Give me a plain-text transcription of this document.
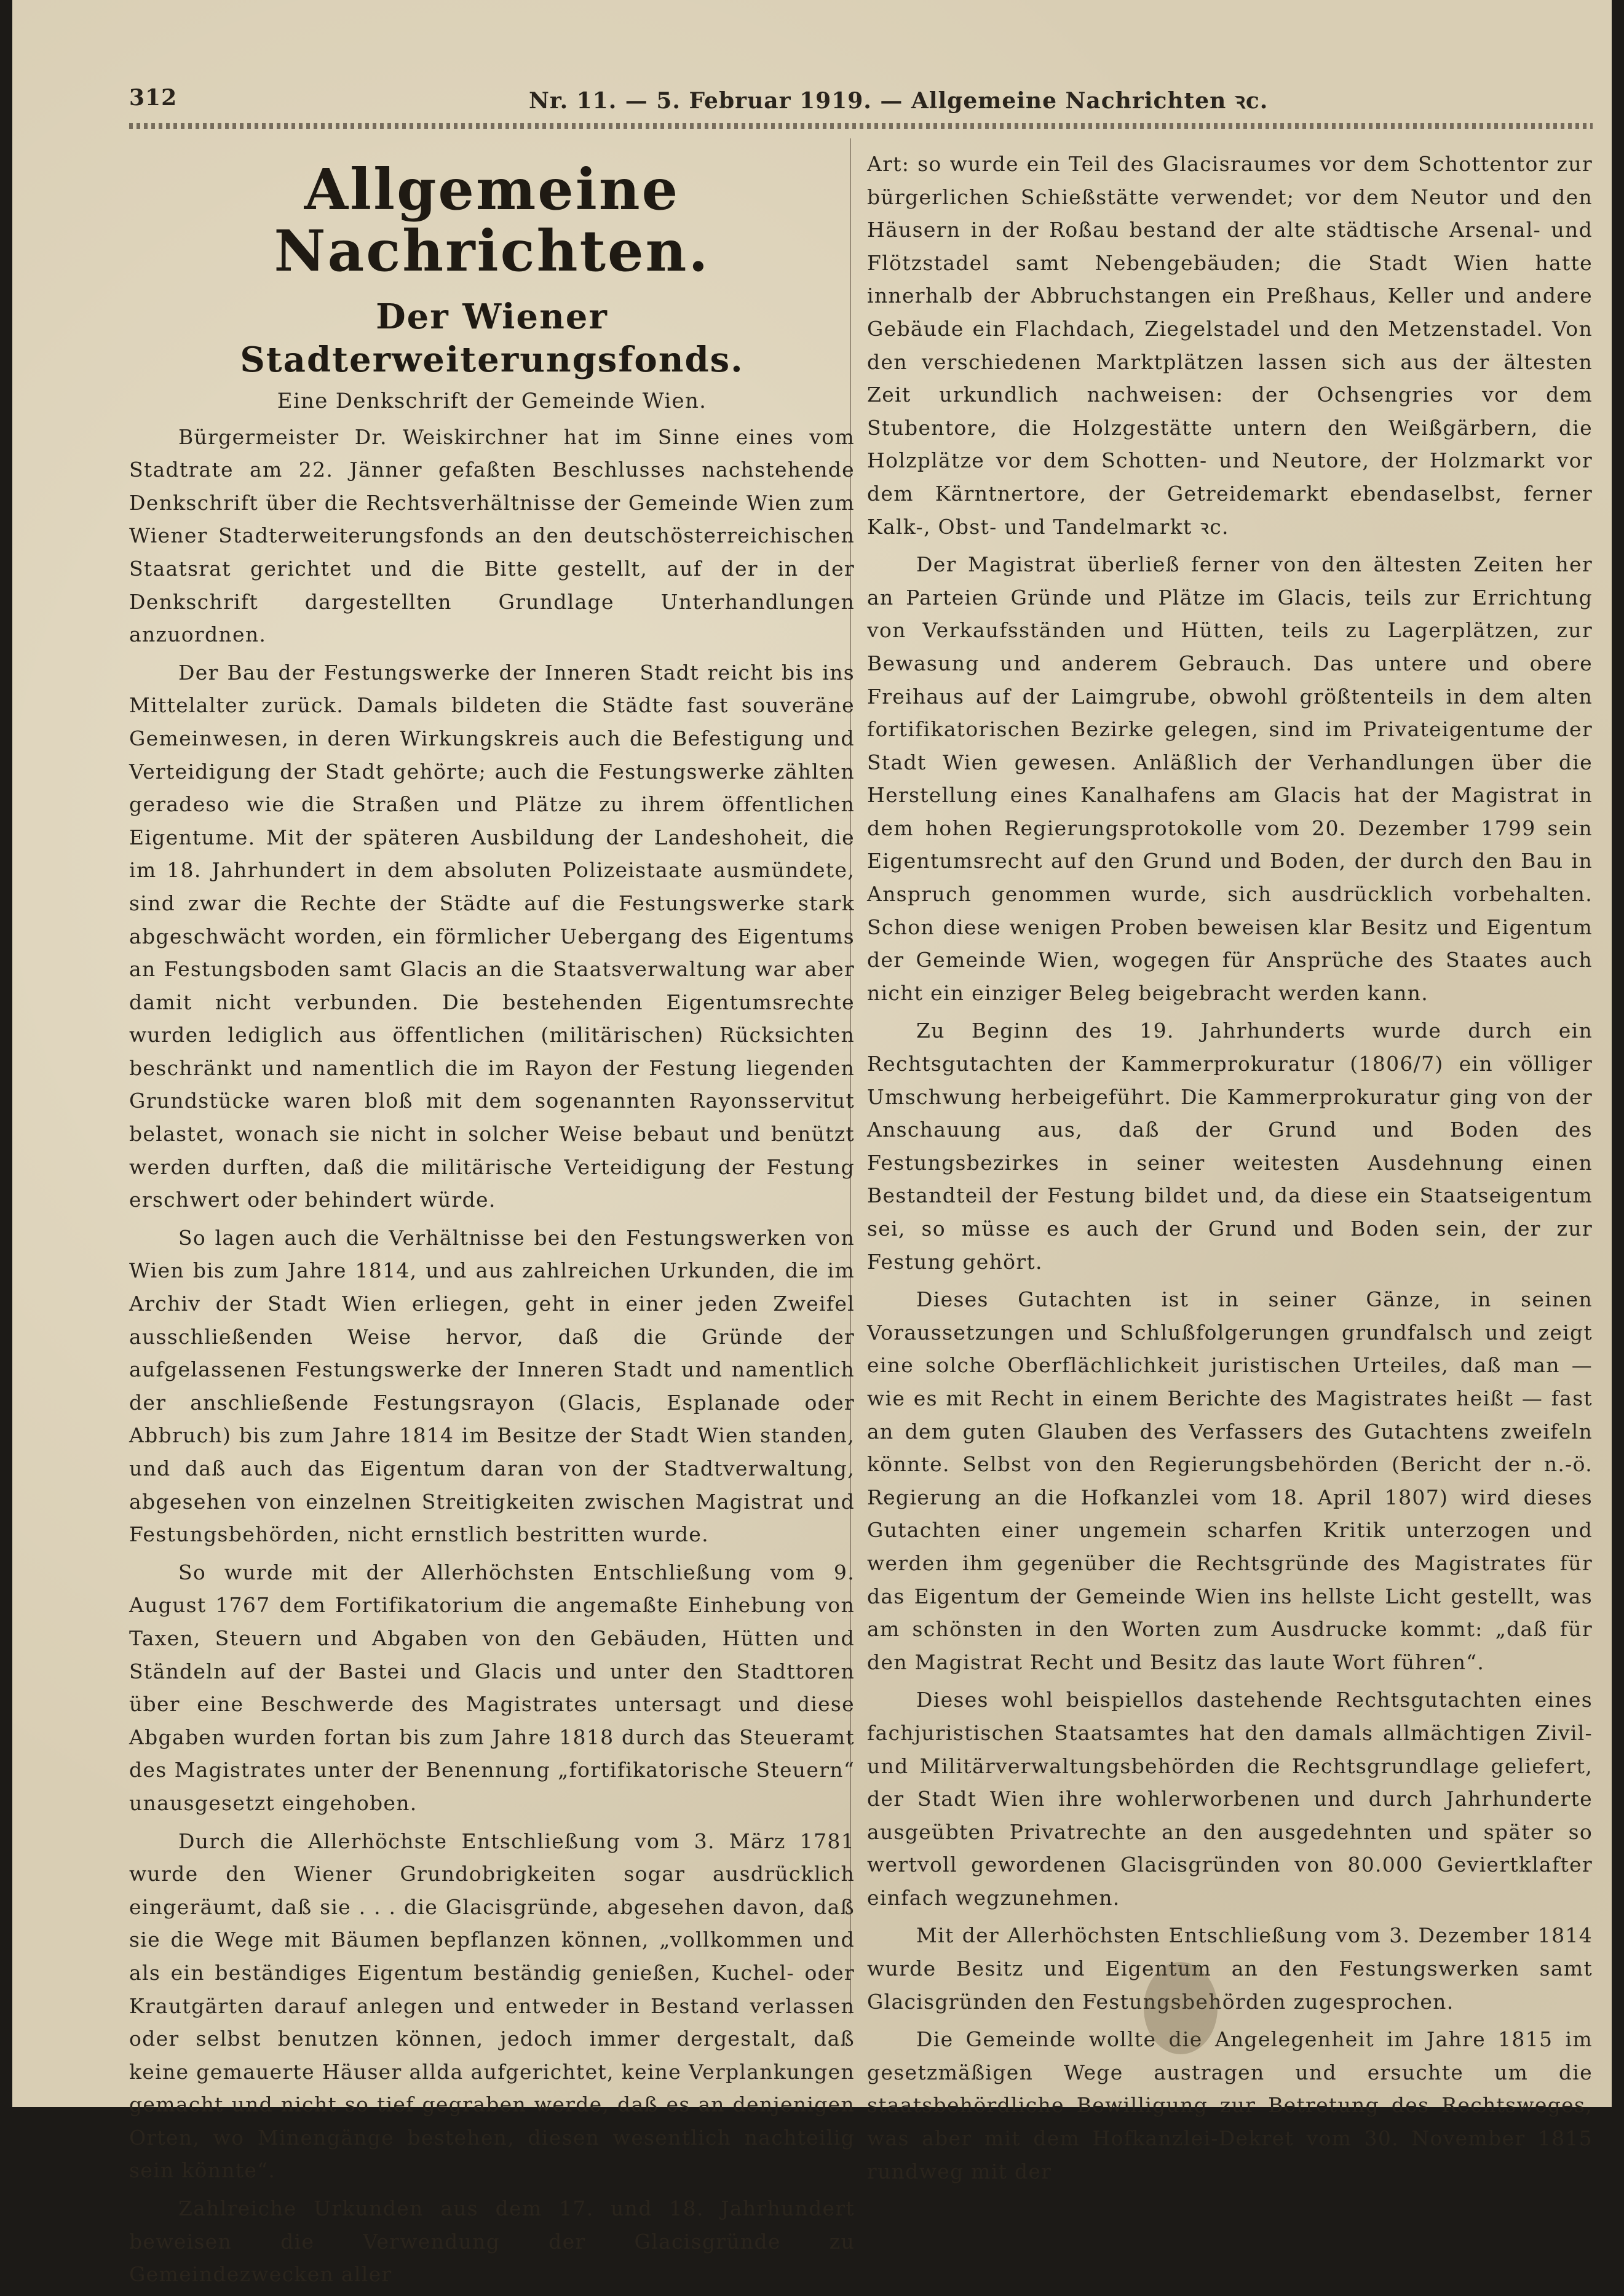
312	Nr. 11. — 5. Februar 1919. — Allgemeine Nachrichten ꝛc.
Allgemeine Nachrichten.
Der Wiener Stadterweiterungsfonds.
Eine Denkschrift der Gemeinde Wien.

Bürgermeister Dr. Weiskirchner hat im Sinne eines vom Stadtrate am 22. Jänner gefaßten Beschlusses nachstehende Denkschrift über die Rechtsverhältnisse der Gemeinde Wien zum Wiener Stadterweiterungsfonds an den deutschösterreichischen Staatsrat gerichtet und die Bitte gestellt, auf der in der Denkschrift dargestellten Grundlage Unterhandlungen anzuordnen.

Der Bau der Festungswerke der Inneren Stadt reicht bis ins Mittelalter zurück. Damals bildeten die Städte fast souveräne Gemeinwesen, in deren Wirkungskreis auch die Befestigung und Verteidigung der Stadt gehörte; auch die Festungswerke zählten geradeso wie die Straßen und Plätze zu ihrem öffentlichen Eigentume. Mit der späteren Ausbildung der Landeshoheit, die im 18. Jahrhundert in dem absoluten Polizeistaate ausmündete, sind zwar die Rechte der Städte auf die Festungswerke stark abgeschwächt worden, ein förmlicher Uebergang des Eigentums an Festungsboden samt Glacis an die Staatsverwaltung war aber damit nicht verbunden. Die bestehenden Eigentumsrechte wurden lediglich aus öffentlichen (militärischen) Rücksichten beschränkt und namentlich die im Rayon der Festung liegenden Grundstücke waren bloß mit dem sogenannten Rayonsservitut belastet, wonach sie nicht in solcher Weise bebaut und benützt werden durften, daß die militärische Verteidigung der Festung erschwert oder behindert würde.

So lagen auch die Verhältnisse bei den Festungswerken von Wien bis zum Jahre 1814, und aus zahlreichen Urkunden, die im Archiv der Stadt Wien erliegen, geht in einer jeden Zweifel ausschließenden Weise hervor, daß die Gründe der aufgelassenen Festungswerke der Inneren Stadt und namentlich der anschließende Festungsrayon (Glacis, Esplanade oder Abbruch) bis zum Jahre 1814 im Besitze der Stadt Wien standen, und daß auch das Eigentum daran von der Stadtverwaltung, abgesehen von einzelnen Streitigkeiten zwischen Magistrat und Festungsbehörden, nicht ernstlich bestritten wurde.

So wurde mit der Allerhöchsten Entschließung vom 9. August 1767 dem Fortifikatorium die angemaßte Einhebung von Taxen, Steuern und Abgaben von den Gebäuden, Hütten und Ständeln auf der Bastei und Glacis und unter den Stadttoren über eine Beschwerde des Magistrates untersagt und diese Abgaben wurden fortan bis zum Jahre 1818 durch das Steueramt des Magistrates unter der Benennung „fortifikatorische Steuern“ unausgesetzt eingehoben.

Durch die Allerhöchste Entschließung vom 3. März 1781 wurde den Wiener Grundobrigkeiten sogar ausdrücklich eingeräumt, daß sie . . . die Glacisgründe, abgesehen davon, daß sie die Wege mit Bäumen bepflanzen können, „vollkommen und als ein beständiges Eigentum beständig genießen, Kuchel- oder Krautgärten darauf anlegen und entweder in Bestand verlassen oder selbst benutzen können, jedoch immer dergestalt, daß keine gemauerte Häuser allda aufgerichtet, keine Verplankungen gemacht und nicht so tief gegraben werde, daß es an denjenigen Orten, wo Minengänge bestehen, diesen wesentlich nachteilig sein könnte“.

Zahlreiche Urkunden aus dem 17. und 18. Jahrhundert beweisen die Verwendung der Glacisgründe zu Gemeindezwecken aller

Art: so wurde ein Teil des Glacisraumes vor dem Schottentor zur bürgerlichen Schießstätte verwendet; vor dem Neutor und den Häusern in der Roßau bestand der alte städtische Arsenal- und Flötzstadel samt Nebengebäuden; die Stadt Wien hatte innerhalb der Abbruchstangen ein Preßhaus, Keller und andere Gebäude ein Flachdach, Ziegelstadel und den Metzenstadel. Von den verschiedenen Marktplätzen lassen sich aus der ältesten Zeit urkundlich nachweisen: der Ochsengries vor dem Stubentore, die Holzgestätte untern den Weißgärbern, die Holzplätze vor dem Schotten- und Neutore, der Holzmarkt vor dem Kärntnertore, der Getreidemarkt ebendaselbst, ferner Kalk-, Obst- und Tandelmarkt ꝛc.

Der Magistrat überließ ferner von den ältesten Zeiten her an Parteien Gründe und Plätze im Glacis, teils zur Errichtung von Verkaufsständen und Hütten, teils zu Lagerplätzen, zur Bewasung und anderem Gebrauch. Das untere und obere Freihaus auf der Laimgrube, obwohl größtenteils in dem alten fortifikatorischen Bezirke gelegen, sind im Privateigentume der Stadt Wien gewesen. Anläßlich der Verhandlungen über die Herstellung eines Kanalhafens am Glacis hat der Magistrat in dem hohen Regierungsprotokolle vom 20. Dezember 1799 sein Eigentumsrecht auf den Grund und Boden, der durch den Bau in Anspruch genommen wurde, sich ausdrücklich vorbehalten. Schon diese wenigen Proben beweisen klar Besitz und Eigentum der Gemeinde Wien, wogegen für Ansprüche des Staates auch nicht ein einziger Beleg beigebracht werden kann.

Zu Beginn des 19. Jahrhunderts wurde durch ein Rechtsgutachten der Kammerprokuratur (1806/7) ein völliger Umschwung herbeigeführt. Die Kammerprokuratur ging von der Anschauung aus, daß der Grund und Boden des Festungsbezirkes in seiner weitesten Ausdehnung einen Bestandteil der Festung bildet und, da diese ein Staatseigentum sei, so müsse es auch der Grund und Boden sein, der zur Festung gehört.

Dieses Gutachten ist in seiner Gänze, in seinen Voraussetzungen und Schlußfolgerungen grundfalsch und zeigt eine solche Oberflächlichkeit juristischen Urteiles, daß man — wie es mit Recht in einem Berichte des Magistrates heißt — fast an dem guten Glauben des Verfassers des Gutachtens zweifeln könnte. Selbst von den Regierungsbehörden (Bericht der n.-ö. Regierung an die Hofkanzlei vom 18. April 1807) wird dieses Gutachten einer ungemein scharfen Kritik unterzogen und werden ihm gegenüber die Rechtsgründe des Magistrates für das Eigentum der Gemeinde Wien ins hellste Licht gestellt, was am schönsten in den Worten zum Ausdrucke kommt: „daß für den Magistrat Recht und Besitz das laute Wort führen“.

Dieses wohl beispiellos dastehende Rechtsgutachten eines fachjuristischen Staatsamtes hat den damals allmächtigen Zivil- und Militärverwaltungsbehörden die Rechtsgrundlage geliefert, der Stadt Wien ihre wohlerworbenen und durch Jahrhunderte ausgeübten Privatrechte an den ausgedehnten und später so wertvoll gewordenen Glacisgründen von 80.000 Geviertklafter einfach wegzunehmen.

Mit der Allerhöchsten Entschließung vom 3. Dezember 1814 wurde Besitz und Eigentum an den Festungswerken samt Glacisgründen den Festungsbehörden zugesprochen.

Die Gemeinde wollte die Angelegenheit im Jahre 1815 im gesetzmäßigen Wege austragen und ersuchte um die staatsbehördliche Bewilligung zur Betretung des Rechtsweges, was aber mit dem Hofkanzlei-Dekret vom 30. November 1815 rundweg mit der
